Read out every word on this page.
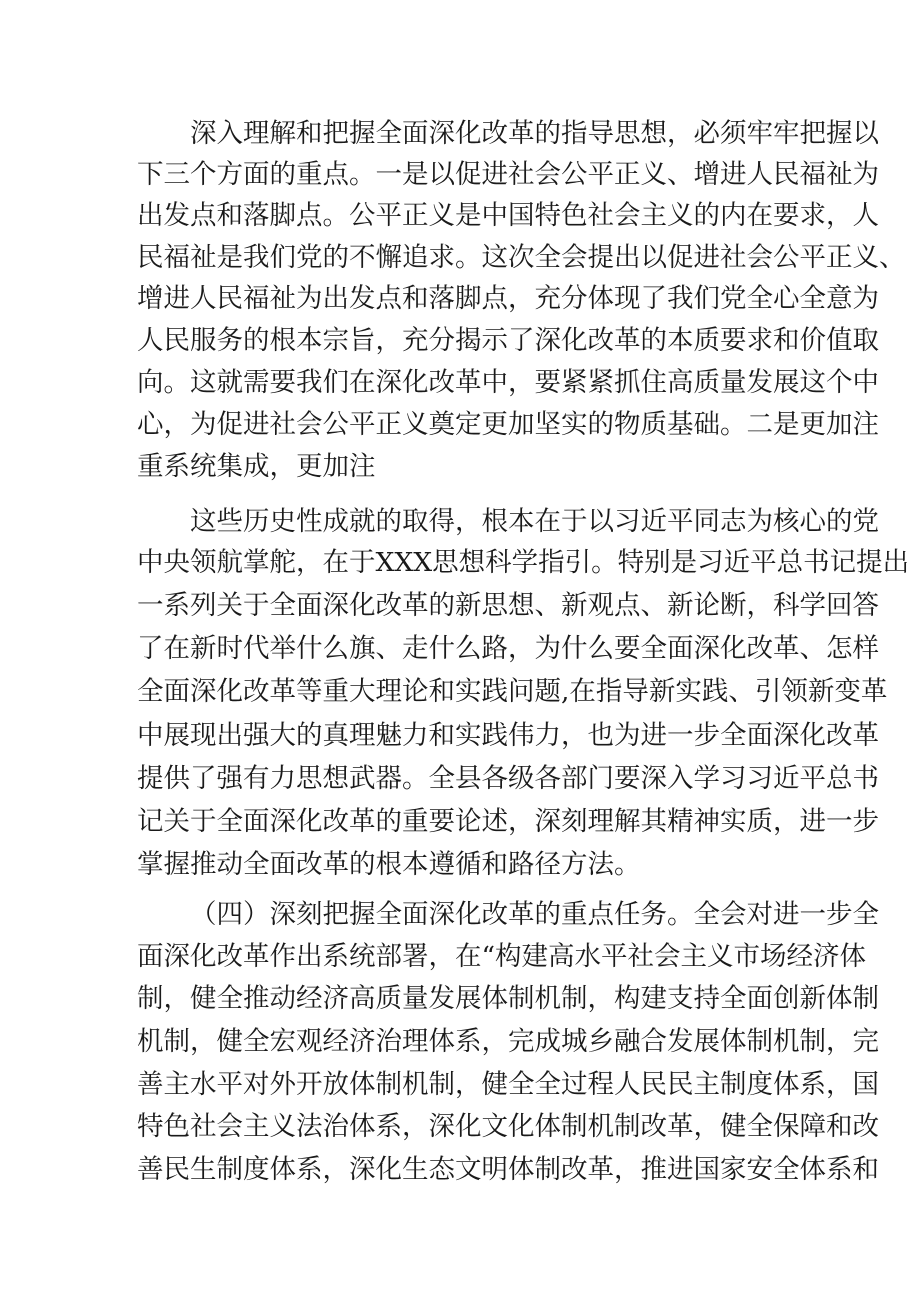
深入理解和把握全面深化改革的指导思想，必须牢牢把握以
下三个方面的重点。一是以促进社会公平正义、增进人民福祉为
出发点和落脚点。公平正义是中国特色社会主义的内在要求，人
民福祉是我们党的不懈追求。这次全会提出以促进社会公平正义、
增进人民福祉为出发点和落脚点，充分体现了我们党全心全意为
人民服务的根本宗旨，充分揭示了深化改革的本质要求和价值取
向。这就需要我们在深化改革中，要紧紧抓住高质量发展这个中
心，为促进社会公平正义奠定更加坚实的物质基础。二是更加注
重系统集成，更加注
这些历史性成就的取得，根本在于以习近平同志为核心的党
中央领航掌舵，在于XXX思想科学指引。特别是习近平总书记提出
一系列关于全面深化改革的新思想、新观点、新论断，科学回答
了在新时代举什么旗、走什么路，为什么要全面深化改革、怎样
全面深化改革等重大理论和实践问题,在指导新实践、引领新变革
中展现出强大的真理魅力和实践伟力，也为进一步全面深化改革
提供了强有力思想武器。全县各级各部门要深入学习习近平总书
记关于全面深化改革的重要论述，深刻理解其精神实质，进一步
掌握推动全面改革的根本遵循和路径方法。
（四）深刻把握全面深化改革的重点任务。全会对进一步全
面深化改革作出系统部署，在“构建高水平社会主义市场经济体
制，健全推动经济高质量发展体制机制，构建支持全面创新体制
机制，健全宏观经济治理体系，完成城乡融合发展体制机制，完
善主水平对外开放体制机制，健全全过程人民民主制度体系，国
特色社会主义法治体系，深化文化体制机制改革，健全保障和改
善民生制度体系，深化生态文明体制改革，推进国家安全体系和
